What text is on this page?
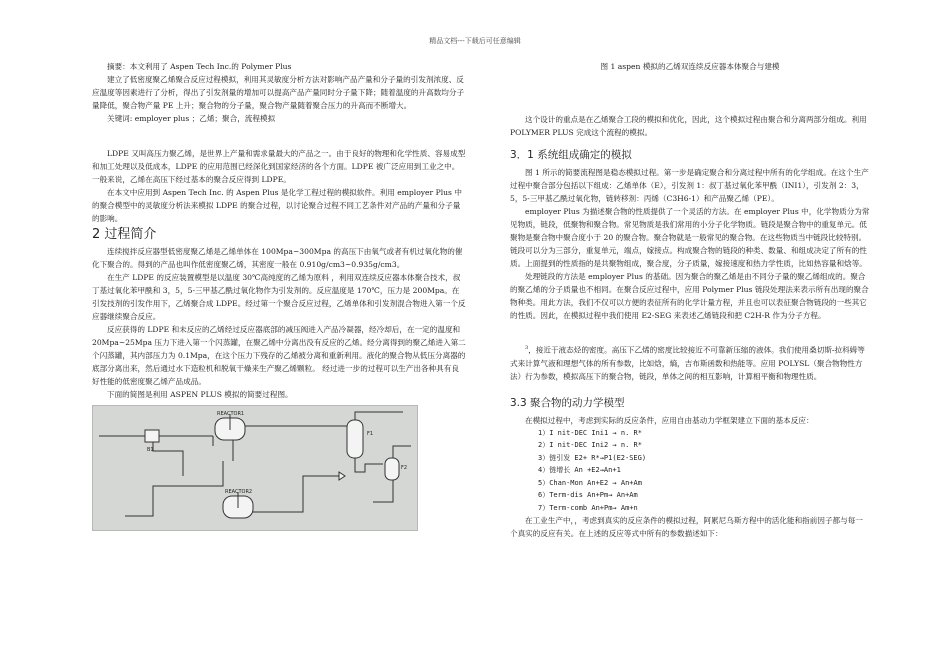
精品文档---下载后可任意编辑

摘要：本文利用了 Aspen Tech Inc.的 Polymer Plus

建立了低密度聚乙烯聚合反应过程模拟，利用其灵敏度分析方法对影响产品产量和分子量的引发剂浓度、反应温度等因素进行了分析，得出了引发剂量的增加可以提高产品产量同时分子量下降；随着温度的升高数均分子量降低，聚合物产量 PE 上升；聚合物的分子量，聚合物产量随着聚合压力的升高而不断增大。

关键词: employer plus ；乙烯；聚合，流程模拟

LDPE 又叫高压力聚乙烯，是世界上产量和需求量最大的产品之一。由于良好的物理和化学性质、容易成型和加工处理以及低成本，LDPE 的应用范围已经深化到国家经济的各个方面。LDPE 被广泛应用到工业之中。一般来说，乙烯在高压下经过基本的聚合反应得到 LDPE。

在本文中应用到 Aspen Tech Inc. 的 Aspen Plus 是化学工程过程的模拟软件。利用 employer Plus 中的聚合模型中的灵敏度分析法来模拟 LDPE 的聚合过程，以讨论聚合过程不同工艺条件对产品的产量和分子量的影响。

2 过程简介

连续搅拌反应器型低密度聚乙烯是乙烯单体在 100Mpa~300Mpa 的高压下由氧气或者有机过氧化物的催化下聚合的。得到的产品也叫作低密度聚乙烯，其密度一般在 0.910g/cm3~0.935g/cm3。

在生产 LDPE 的反应装置模型是以温度 30℃高纯度的乙烯为原料 ，利用双连续反应器本体聚合技术，叔丁基过氧化苯甲酰和 3，5，5-三甲基乙酰过氧化物作为引发剂的。反应温度是 170℃，压力是 200Mpa。在引发技剂的引发作用下，乙烯聚合成 LDPE。经过第一个聚合反应过程，乙烯单体和引发剂混合物进入第一个反应器继续聚合反应。

反应获得的 LDPE 和未反应的乙烯经过反应器底部的减压阀进入产品冷凝器，经冷却后，在一定的温度和 20Mpa~25Mpa 压力下进入第一个闪蒸罐，在聚乙烯中分离出没有反应的乙烯。经分离得到的聚乙烯进入第二个闪蒸罐，其内部压力为 0.1Mpa，在这个压力下残存的乙烯被分离和重新利用。液化的聚合物从低压分离器的底部分离出来，然后通过水下造粒机和脱氧干燥来生产聚乙烯颗粒。 经过进一步的过程可以生产出各种具有良好性能的低密度聚乙烯产品成品。

下面的简图是利用 ASPEN PLUS 模拟的简要过程图。

B1
REACTOR1
REACTOR2
F1
F2

图 1 aspen 模拟的乙烯双连续反应器本体聚合与建模

这个设计的重点是在乙烯聚合工段的模拟和优化，因此，这个模拟过程由聚合和分离两部分组成。利用 POLYMER PLUS 完成这个流程的模拟。

3．1 系统组成确定的模拟

图 1 所示的简要流程图是稳态模拟过程。第一步是确定聚合和分离过程中所有的化学组成。在这个生产过程中聚合部分包括以下组成：乙烯单体（E），引发剂 1：叔丁基过氧化苯甲酰（INI1），引发剂 2：3，5，5-三甲基乙酰过氧化物，链转移剂：丙烯（C3H6-1）和产品聚乙烯（PE）。

employer Plus 为描述聚合物的性质提供了一个灵活的方法。在 employer Plus 中，化学物质分为常见物质，链段，低聚物和聚合物。常见物质是我们常用的小分子化学物质。链段是聚合物中的重复单元。低聚物是聚合物中聚合度小于 20 的聚合物。聚合物就是一般常见的聚合物。在这些物质当中链段比较特别。链段可以分为三部分，重复单元，端点，嫁接点。构成聚合物的链段的种类、数量、和组成决定了所有的性质。上面提到的性质指的是共聚物组成，聚合度，分子质量，嫁接速度和热力学性质，比如热容量和焓等。

处理链段的方法是 employer Plus 的基础。因为聚合的聚乙烯是由不同分子量的聚乙烯组成的。聚合的聚乙烯的分子质量也不相同。在聚合反应过程中，应用 Polymer Plus 链段处理法来表示所有出现的聚合物种类。用此方法，我们不仅可以方便的表征所有的化学计量方程，并且也可以表征聚合物链段的一些其它的性质。因此，在模拟过程中我们使用 E2-SEG 来表述乙烯链段和把 C2H-R 作为分子方程。

$^3$，接近于液态烃的密度。高压下乙烯的密度比较接近不可靠新压缩的液体。我们使用桑切斯-拉科姆等式来计算气液和理想气体的所有参数，比如焓，熵，吉布斯函数和热能等。应用 POLYSL（聚合物物性方法）行为参数，模拟高压下的聚合物，链段，单体之间的相互影响，计算相平衡和物理性质。

3.3 聚合物的动力学模型

在模拟过程中，考虑到实际的反应条件，应用自由基动力学框架建立下面的基本反应：

1）I nit-DEC Ini1 → n. R*

2）I nit-DEC Ini2 → n. R*

3）链引发 E2+ R*→P1(E2-SEG)

4）链增长 An +E2→An+1

5）Chan-Mon An+E2 → An+Am

6）Term-dis An+Pm→ An+Am

7）Term-comb An+Pm→ Am+n

在工业生产中，，考虑到真实的反应条件的模拟过程，阿累尼乌斯方程中的活化能和指前因子都与每一个真实的反应有关。在上述的反应等式中所有的参数描述如下：
